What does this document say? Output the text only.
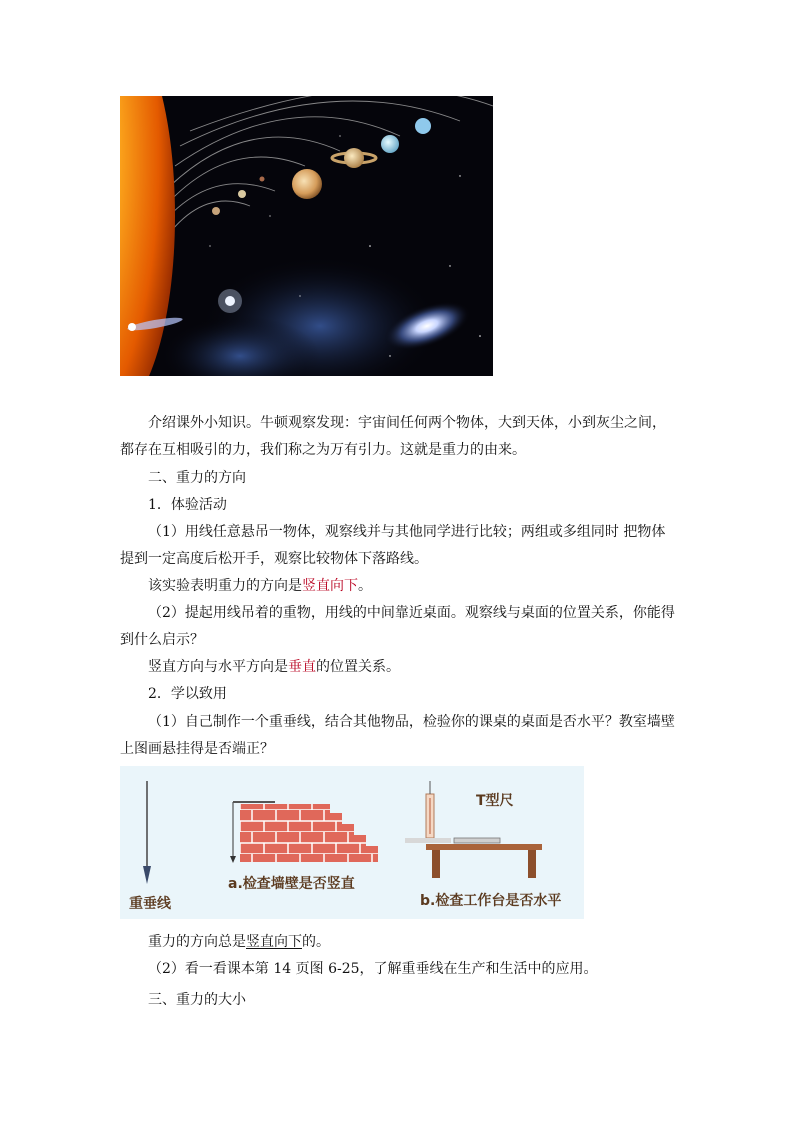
介绍课外小知识。牛顿观察发现：宇宙间任何两个物体，大到天体，小到灰尘之间，
都存在互相吸引的力，我们称之为万有引力。这就是重力的由来。
二、重力的方向
1．体验活动
（1）用线任意悬吊一物体，观察线并与其他同学进行比较；两组或多组同时 把物体
提到一定高度后松开手，观察比较物体下落路线。
该实验表明重力的方向是竖直向下。
（2）提起用线吊着的重物，用线的中间靠近桌面。观察线与桌面的位置关系，你能得
到什么启示？
竖直方向与水平方向是垂直的位置关系。
2．学以致用
（1）自己制作一个重垂线，结合其他物品，检验你的课桌的桌面是否水平？教室墙壁
上图画悬挂得是否端正？
重垂线
a.检查墙壁是否竖直
T型尺
b.检查工作台是否水平
重力的方向总是竖直向下的。
（2）看一看课本第 14 页图 6-25，了解重垂线在生产和生活中的应用。
三、重力的大小
